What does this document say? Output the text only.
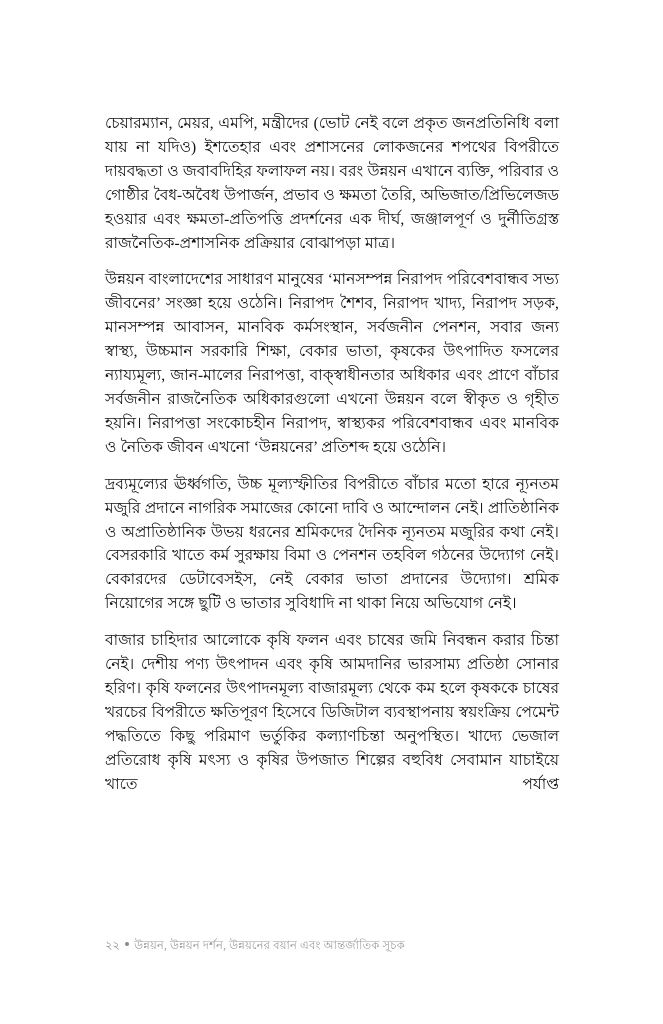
চেয়ারম্যান, মেয়র, এমপি, মন্ত্রীদের (ভোট নেই বলে প্রকৃত জনপ্রতিনিধি বলা যায় না যদিও) ইশতেহার এবং প্রশাসনের লোকজনের শপথের বিপরীতে দায়বদ্ধতা ও জবাবদিহির ফলাফল নয়। বরং উন্নয়ন এখানে ব্যক্তি, পরিবার ও গোষ্ঠীর বৈধ-অবৈধ উপার্জন, প্রভাব ও ক্ষমতা তৈরি, অভিজাত/প্রিভিলেজড হওয়ার এবং ক্ষমতা-প্রতিপত্তি প্রদর্শনের এক দীর্ঘ, জঞ্জালপূর্ণ ও দুর্নীতিগ্রস্ত রাজনৈতিক-প্রশাসনিক প্রক্রিয়ার বোঝাপড়া মাত্র।

উন্নয়ন বাংলাদেশের সাধারণ মানুষের ‘মানসম্পন্ন নিরাপদ পরিবেশবান্ধব সভ্য জীবনের’ সংজ্ঞা হয়ে ওঠেনি। নিরাপদ শৈশব, নিরাপদ খাদ্য, নিরাপদ সড়ক, মানসম্পন্ন আবাসন, মানবিক কর্মসংস্থান, সর্বজনীন পেনশন, সবার জন্য স্বাস্থ্য, উচ্চমান সরকারি শিক্ষা, বেকার ভাতা, কৃষকের উৎপাদিত ফসলের ন্যায্যমূল্য, জান-মালের নিরাপত্তা, বাক্‌স্বাধীনতার অধিকার এবং প্রাণে বাঁচার সর্বজনীন রাজনৈতিক অধিকারগুলো এখনো উন্নয়ন বলে স্বীকৃত ও গৃহীত হয়নি। নিরাপত্তা সংকোচহীন নিরাপদ, স্বাস্থ্যকর পরিবেশবান্ধব এবং মানবিক ও নৈতিক জীবন এখনো ‘উন্নয়নের’ প্রতিশব্দ হয়ে ওঠেনি।

দ্রব্যমূল্যের ঊর্ধ্বগতি, উচ্চ মূল্যস্ফীতির বিপরীতে বাঁচার মতো হারে ন্যূনতম মজুরি প্রদানে নাগরিক সমাজের কোনো দাবি ও আন্দোলন নেই। প্রাতিষ্ঠানিক ও অপ্রাতিষ্ঠানিক উভয় ধরনের শ্রমিকদের দৈনিক ন্যূনতম মজুরির কথা নেই। বেসরকারি খাতে কর্ম সুরক্ষায় বিমা ও পেনশন তহবিল গঠনের উদ্যোগ নেই। বেকারদের ডেটাবেসইস, নেই বেকার ভাতা প্রদানের উদ্যোগ। শ্রমিক নিয়োগের সঙ্গে ছুটি ও ভাতার সুবিধাদি না থাকা নিয়ে অভিযোগ নেই।

বাজার চাহিদার আলোকে কৃষি ফলন এবং চাষের জমি নিবন্ধন করার চিন্তা নেই। দেশীয় পণ্য উৎপাদন এবং কৃষি আমদানির ভারসাম্য প্রতিষ্ঠা সোনার হরিণ। কৃষি ফলনের উৎপাদনমূল্য বাজারমূল্য থেকে কম হলে কৃষককে চাষের খরচের বিপরীতে ক্ষতিপূরণ হিসেবে ডিজিটাল ব্যবস্থাপনায় স্বয়ংক্রিয় পেমেন্ট পদ্ধতিতে কিছু পরিমাণ ভর্তুকির কল্যাণচিন্তা অনুপস্থিত। খাদ্যে ভেজাল প্রতিরোধ কৃষি মৎস্য ও কৃষির উপজাত শিল্পের বহুবিধ সেবামান যাচাইয়ে খাতে পর্যাপ্ত

২২ উন্নয়ন, উন্নয়ন দর্শন, উন্নয়নের বয়ান এবং আন্তর্জাতিক সূচক
